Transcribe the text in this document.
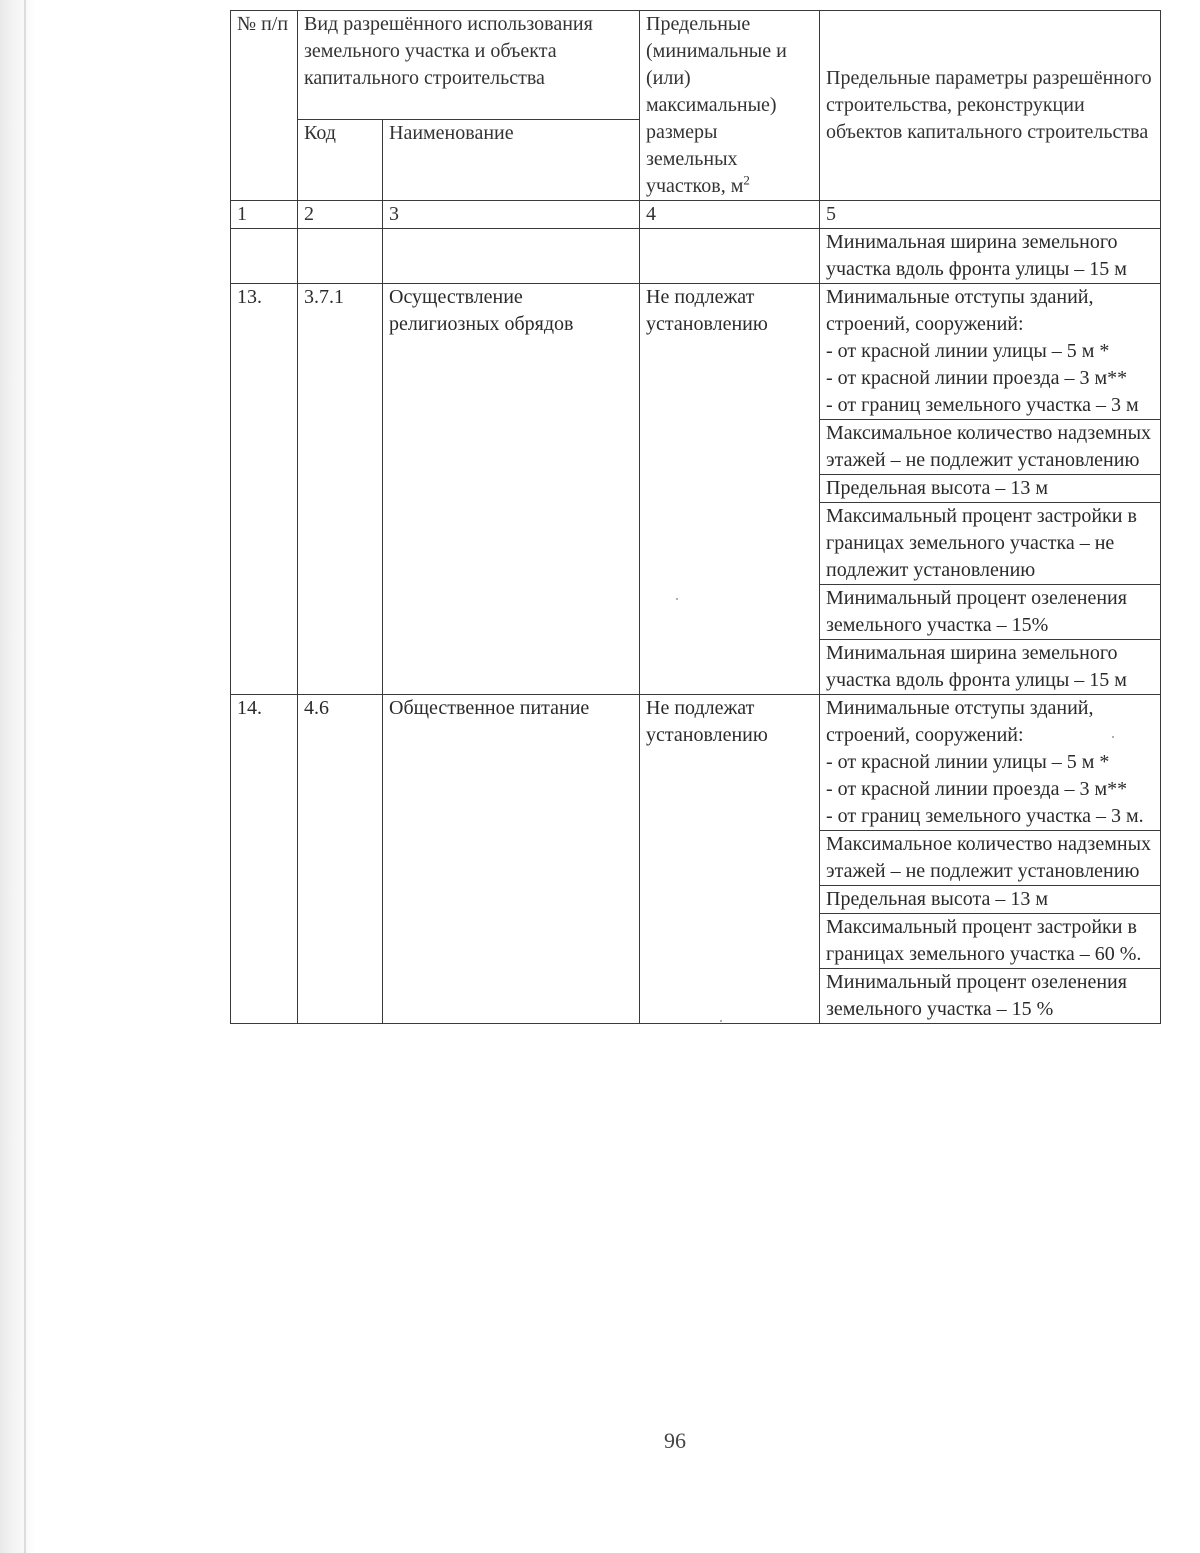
№ п/п	Вид разрешённого использования земельного участка и объекта капитального строительства		Предельные (минимальные и (или) максимальные) размеры земельных участков, $м^2$	Предельные параметры разрешённого строительства, реконструкции объектов капитального строительства
	Код	Наименование		
1	2	3	4	5
				Минимальная ширина земельного участка вдоль фронта улицы – 15 м
13.	3.7.1	Осуществление религиозных обрядов	Не подлежат установлению	Минимальные отступы зданий, строений, сооружений:
- от красной линии улицы – 5 м *
- от красной линии проезда – 3 м**
- от границ земельного участка – 3 м

				Максимальное количество надземных этажей – не подлежит установлению
				Предельная высота – 13 м
				Максимальный процент застройки в границах земельного участка – не подлежит установлению
				Минимальный процент озеленения земельного участка – 15%
				Минимальная ширина земельного участка вдоль фронта улицы – 15 м
14.	4.6	Общественное питание	Не подлежат установлению	Минимальные отступы зданий, строений, сооружений:
- от красной линии улицы – 5 м *
- от красной линии проезда – 3 м**
- от границ земельного участка – 3 м.

				Максимальное количество надземных этажей – не подлежит установлению
				Предельная высота – 13 м
				Максимальный процент застройки в границах земельного участка – 60 %.
				Минимальный процент озеленения земельного участка – 15 %
96
